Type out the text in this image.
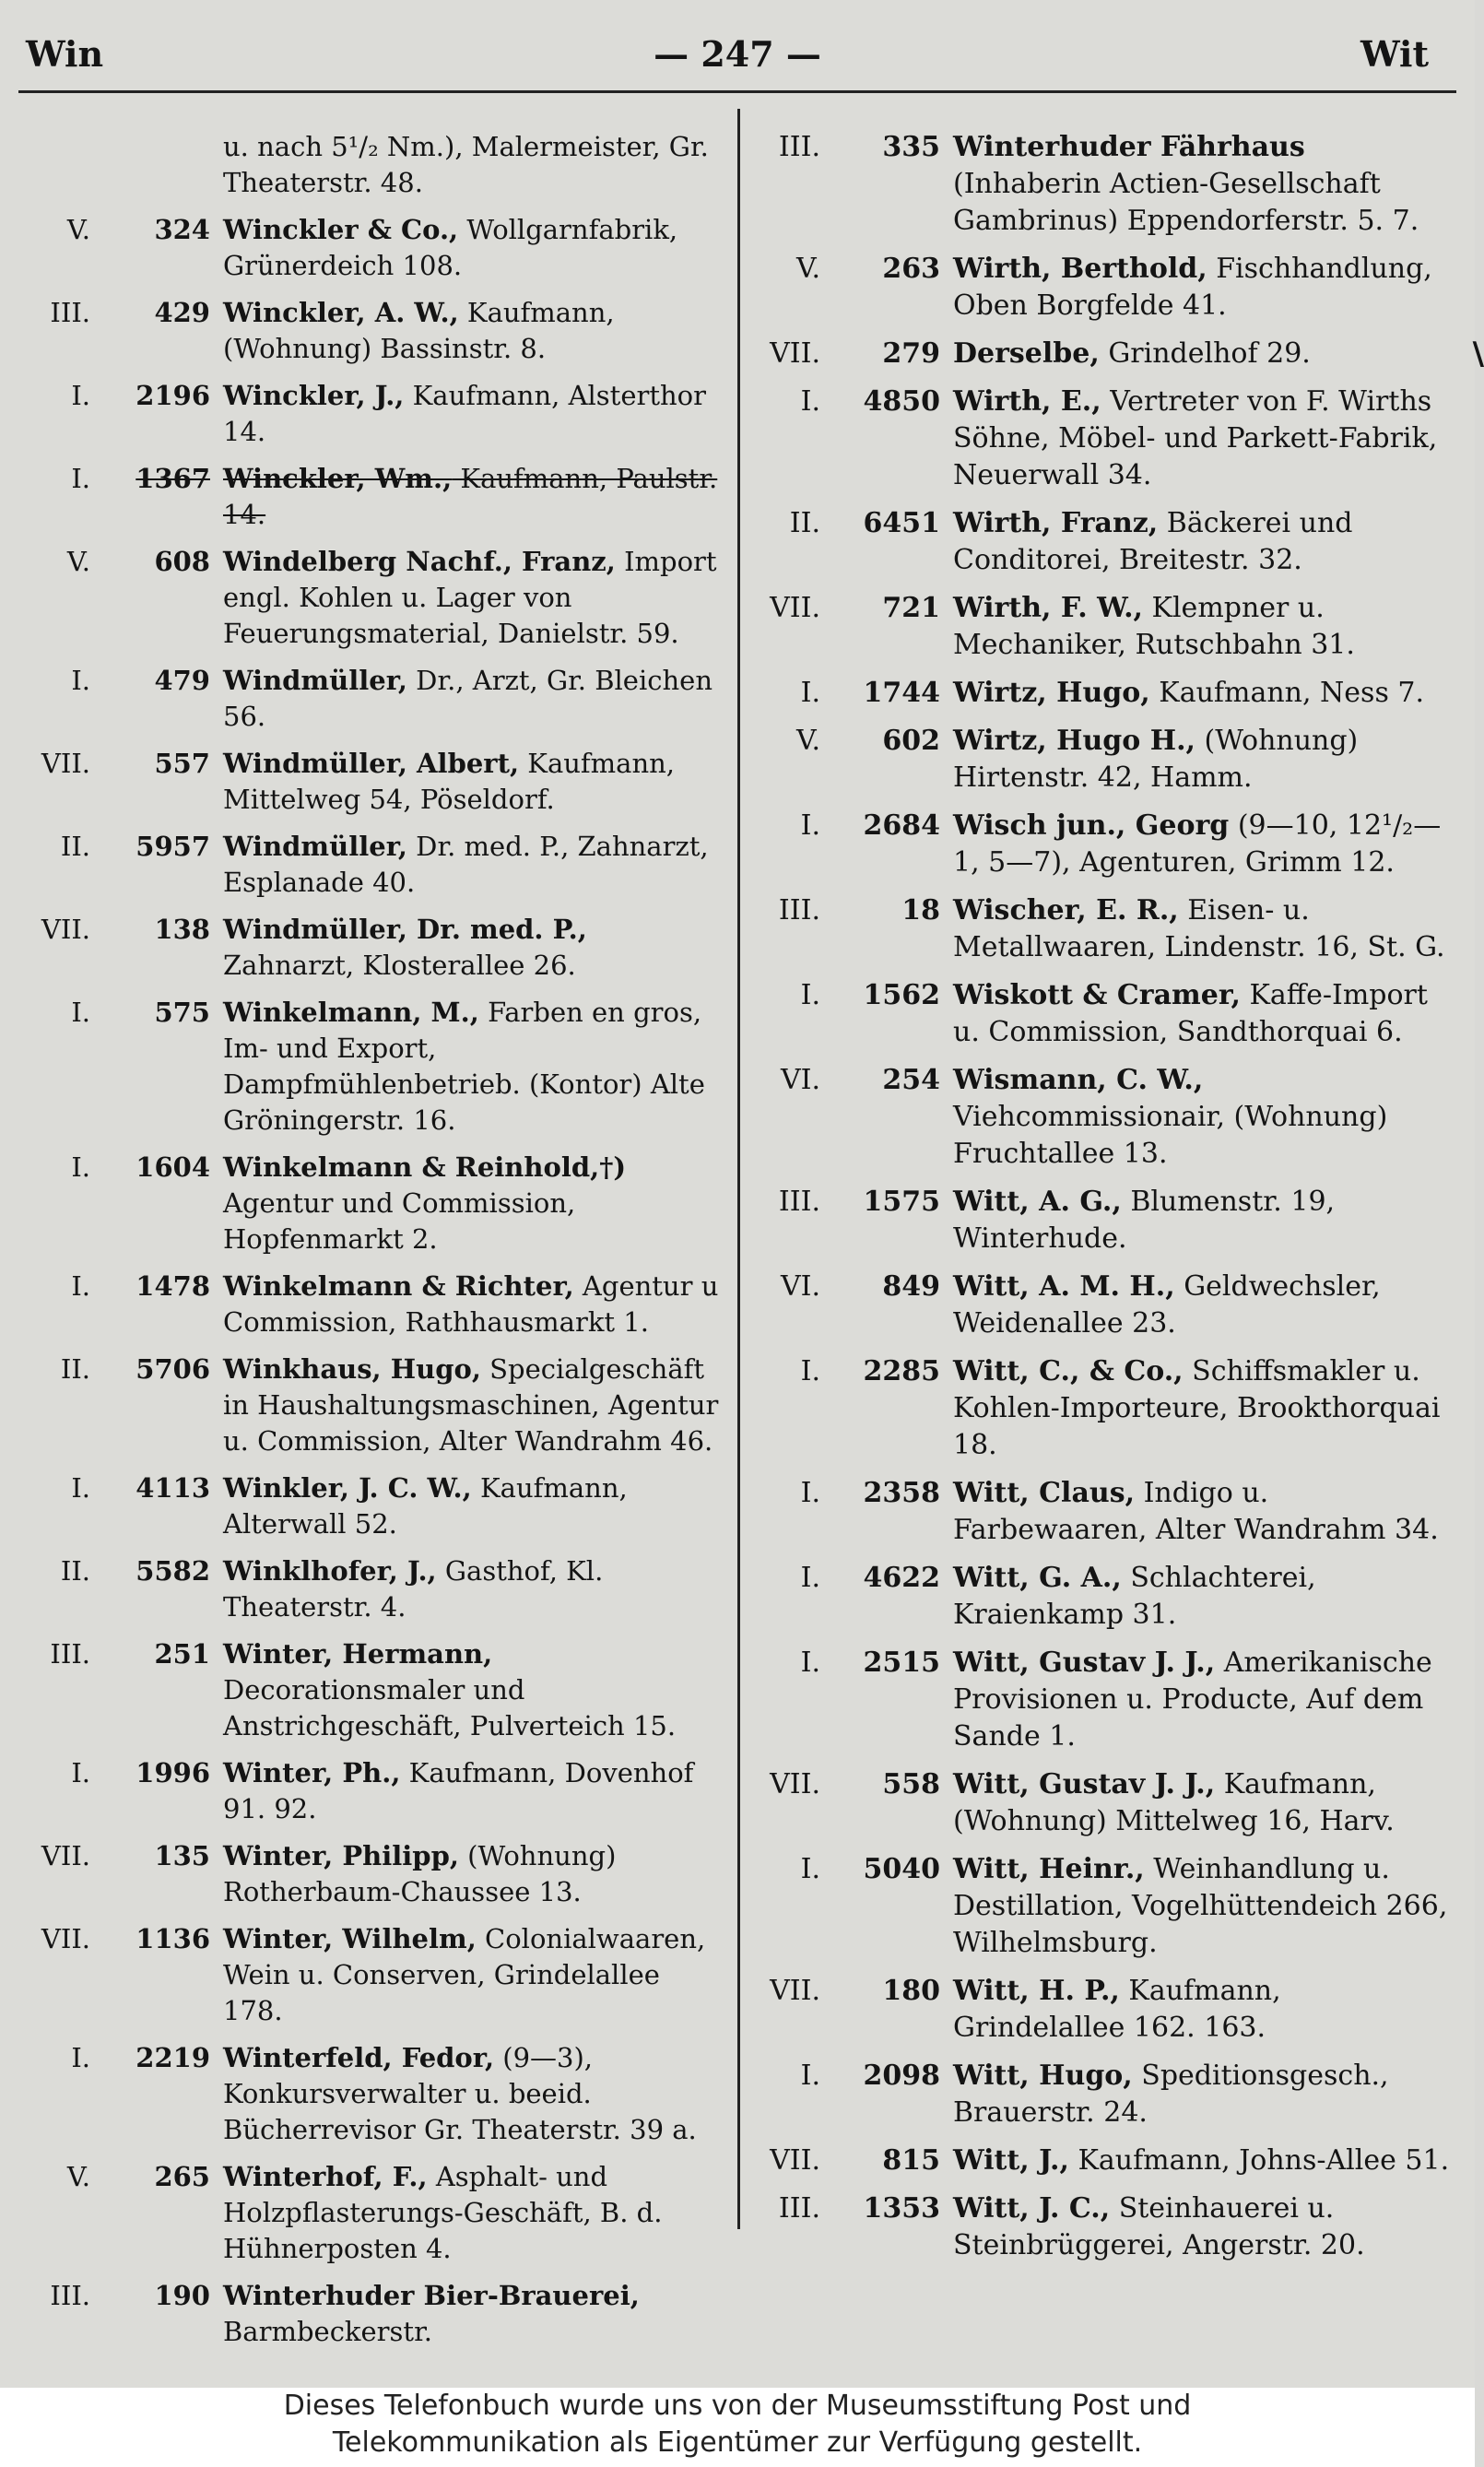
— 247 —
Win	Wit
u. nach 5¹/₂ Nm.), Malermeister, Gr. Theaterstr. 48.
V.	324 Winckler & Co., Wollgarnfabrik, Grünerdeich 108.
III.	429 Winckler, A. W., Kaufmann, (Wohnung) Bassinstr. 8.
I.	2196 Winckler, J., Kaufmann, Alsterthor 14.
I.	1367 Winckler, Wm., Kaufmann, Paulstr. 14.
V.	608 Windelberg Nachf., Franz, Import engl. Kohlen u. Lager von Feuerungsmaterial, Danielstr. 59.
I.	479 Windmüller, Dr., Arzt, Gr. Bleichen 56.
VII.	557 Windmüller, Albert, Kaufmann, Mittelweg 54, Pöseldorf.
II.	5957 Windmüller, Dr. med. P., Zahnarzt, Esplanade 40.
VII.	138 Windmüller, Dr. med. P., Zahnarzt, Klosterallee 26.
I.	575 Winkelmann, M., Farben en gros, Im- und Export, Dampfmühlenbetrieb. (Kontor) Alte Gröningerstr. 16.
I.	1604 Winkelmann & Reinhold,†) Agentur und Commission, Hopfenmarkt 2.
I.	1478 Winkelmann & Richter, Agentur u Commission, Rathhausmarkt 1.
II.	5706 Winkhaus, Hugo, Specialgeschäft in Haushaltungsmaschinen, Agentur u. Commission, Alter Wandrahm 46.
I.	4113 Winkler, J. C. W., Kaufmann, Alterwall 52.
II.	5582 Winklhofer, J., Gasthof, Kl. Theaterstr. 4.
III.	251 Winter, Hermann, Decorationsmaler und Anstrichgeschäft, Pulverteich 15.
I.	1996 Winter, Ph., Kaufmann, Dovenhof 91. 92.
VII.	135 Winter, Philipp, (Wohnung) Rotherbaum-Chaussee 13.
VII.	1136 Winter, Wilhelm, Colonialwaaren, Wein u. Conserven, Grindelallee 178.
I.	2219 Winterfeld, Fedor, (9—3), Konkursverwalter u. beeid. Bücherrevisor Gr. Theaterstr. 39 a.
V.	265 Winterhof, F., Asphalt- und Holzpflasterungs-Geschäft, B. d. Hühnerposten 4.
III.	190 Winterhuder Bier-Brauerei, Barmbeckerstr.
III.	335 Winterhuder Fährhaus (Inhaberin Actien-Gesellschaft Gambrinus) Eppendorferstr. 5. 7.
V.	263 Wirth, Berthold, Fischhandlung, Oben Borgfelde 41.
VII.	279 Derselbe, Grindelhof 29.	\
I.	4850 Wirth, E., Vertreter von F. Wirths Söhne, Möbel- und Parkett-Fabrik, Neuerwall 34.
II.	6451 Wirth, Franz, Bäckerei und Conditorei, Breitestr. 32.
VII.	721 Wirth, F. W., Klempner u. Mechaniker, Rutschbahn 31.
I.	1744 Wirtz, Hugo, Kaufmann, Ness 7.
V.	602 Wirtz, Hugo H., (Wohnung) Hirtenstr. 42, Hamm.
I.	2684 Wisch jun., Georg (9—10, 12¹/₂—1, 5—7), Agenturen, Grimm 12.
III.	18 Wischer, E. R., Eisen- u. Metallwaaren, Lindenstr. 16, St. G.
I.	1562 Wiskott & Cramer, Kaffe-Import u. Commission, Sandthorquai 6.
VI.	254 Wismann, C. W., Viehcommissionair, (Wohnung) Fruchtallee 13.
III.	1575 Witt, A. G., Blumenstr. 19, Winterhude.
VI.	849 Witt, A. M. H., Geldwechsler, Weidenallee 23.
I.	2285 Witt, C., & Co., Schiffsmakler u. Kohlen-Importeure, Brookthorquai 18.
I.	2358 Witt, Claus, Indigo u. Farbewaaren, Alter Wandrahm 34.
I.	4622 Witt, G. A., Schlachterei, Kraienkamp 31.
I.	2515 Witt, Gustav J. J., Amerikanische Provisionen u. Producte, Auf dem Sande 1.
VII.	558 Witt, Gustav J. J., Kaufmann, (Wohnung) Mittelweg 16, Harv.
I.	5040 Witt, Heinr., Weinhandlung u. Destillation, Vogelhüttendeich 266, Wilhelmsburg.
VII.	180 Witt, H. P., Kaufmann, Grindelallee 162. 163.
I.	2098 Witt, Hugo, Speditionsgesch., Brauerstr. 24.
VII.	815 Witt, J., Kaufmann, Johns-Allee 51.
III.	1353 Witt, J. C., Steinhauerei u. Steinbrüggerei, Angerstr. 20.
Dieses Telefonbuch wurde uns von der Museumsstiftung Post und
Telekommunikation als Eigentümer zur Verfügung gestellt.
